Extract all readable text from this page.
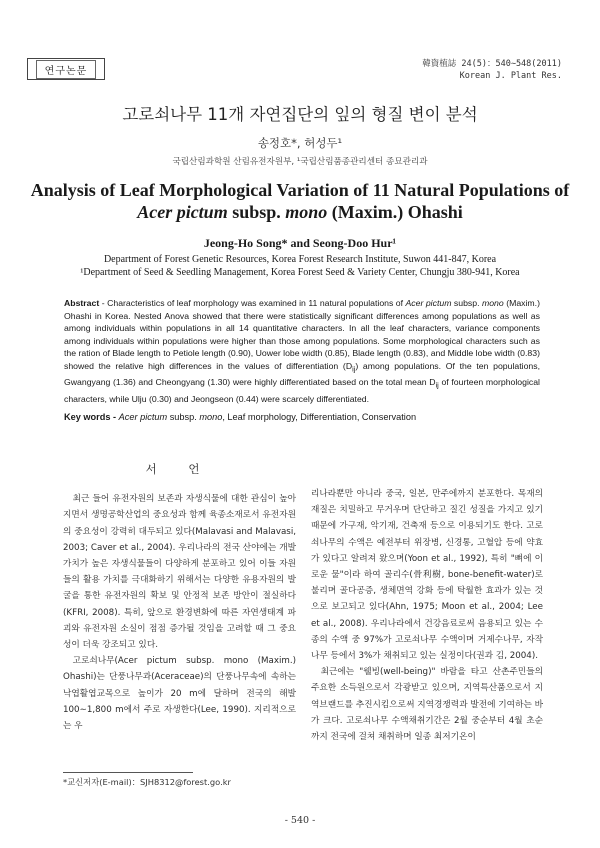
연구논문
韓資植誌 24(5)：540∼548(2011)
Korean J. Plant Res.
고로쇠나무 11개 자연집단의 잎의 형질 변이 분석
송정호*, 허성두¹
국립산림과학원 산림유전자원부, ¹국립산림품종관리센터 종묘관리과
Analysis of Leaf Morphological Variation of 11 Natural Populations of
Acer pictum subsp. mono (Maxim.) Ohashi
Jeong-Ho Song* and Seong-Doo Hur¹
Department of Forest Genetic Resources, Korea Forest Research Institute, Suwon 441-847, Korea
¹Department of Seed & Seedling Management, Korea Forest Seed & Variety Center, Chungju 380-941, Korea
Abstract - Characteristics of leaf morphology was examined in 11 natural populations of Acer pictum subsp. mono (Maxim.) Ohashi in Korea. Nested Anova showed that there were statistically significant differences among populations as well as among individuals within populations in all 14 quantitative characters. In all the leaf characters, variance components among individuals within populations were higher than those among populations. Some morphological characters such as the ration of Blade length to Petiole length (0.90), Uower lobe width (0.85), Blade length (0.83), and Middle lobe width (0.83) showed the relative high differences in the values of differentiation $(D_{ij})$ among populations. Of the ten populations, Gwangyang (1.36) and Cheongyang (1.30) were highly differentiated based on the total mean $D_{ij}$ of fourteen morphological characters, while Ulju (0.30) and Jeongseon (0.44) were scarcely differentiated.
Key words - Acer pictum subsp. mono, Leaf morphology, Differentiation, Conservation
서 언

최근 들어 유전자원의 보존과 자생식물에 대한 관심이 높아지면서 생명공학산업의 중요성과 함께 육종소재로서 유전자원의 중요성이 강력히 대두되고 있다(Malavasi and Malavasi, 2003; Caver et al., 2004). 우리나라의 전국 산야에는 개발가치가 높은 자생식물들이 다양하게 분포하고 있어 이들 자원들의 활용 가치를 극대화하기 위해서는 다양한 유용자원의 발굴을 통한 유전자원의 확보 및 안정적 보존 방안이 절실하다(KFRI, 2008). 특히, 앞으로 환경변화에 따른 자연생태계 파괴와 유전자원 소실이 점점 증가될 것임을 고려할 때 그 중요성이 더욱 강조되고 있다.

고로쇠나무(Acer pictum subsp. mono (Maxim.) Ohashi)는 단풍나무과(Aceraceae)의 단풍나무속에 속하는 낙엽활엽교목으로 높이가 20 m에 달하며 전국의 해발 100∼1,800 m에서 주로 자생한다(Lee, 1990). 지리적으로는 우

리나라뿐만 아니라 중국, 일본, 만주에까지 분포한다. 목재의 재질은 치밀하고 무거우며 단단하고 질긴 성질을 가지고 있기 때문에 가구재, 악기재, 건축재 등으로 이용되기도 한다. 고로쇠나무의 수액은 예전부터 위장병, 신경통, 고혈압 등에 약효가 있다고 알려져 왔으며(Yoon et al., 1992), 특히 "뼈에 이로운 물"이라 하여 골리수(骨利樹, bone-benefit-water)로 불리며 골다공증, 생체면역 강화 등에 탁월한 효과가 있는 것으로 보고되고 있다(Ahn, 1975; Moon et al., 2004; Lee et al., 2008). 우리나라에서 건강음료로써 음용되고 있는 수종의 수액 중 97%가 고로쇠나무 수액이며 거제수나무, 자작나무 등에서 3%가 채취되고 있는 실정이다(권과 김, 2004).

최근에는 "웰빙(well-being)" 바람을 타고 산촌주민들의 주요한 소득원으로서 각광받고 있으며, 지역특산품으로서 지역브랜드를 추진시킴으로써 지역경쟁력과 발전에 기여하는 바가 크다. 고로쇠나무 수액채취기간은 2월 중순부터 4월 초순까지 전국에 걸쳐 채취하며 일종 최저기온이

*교신저자(E-mail)：SJH8312@forest.go.kr
- 540 -
